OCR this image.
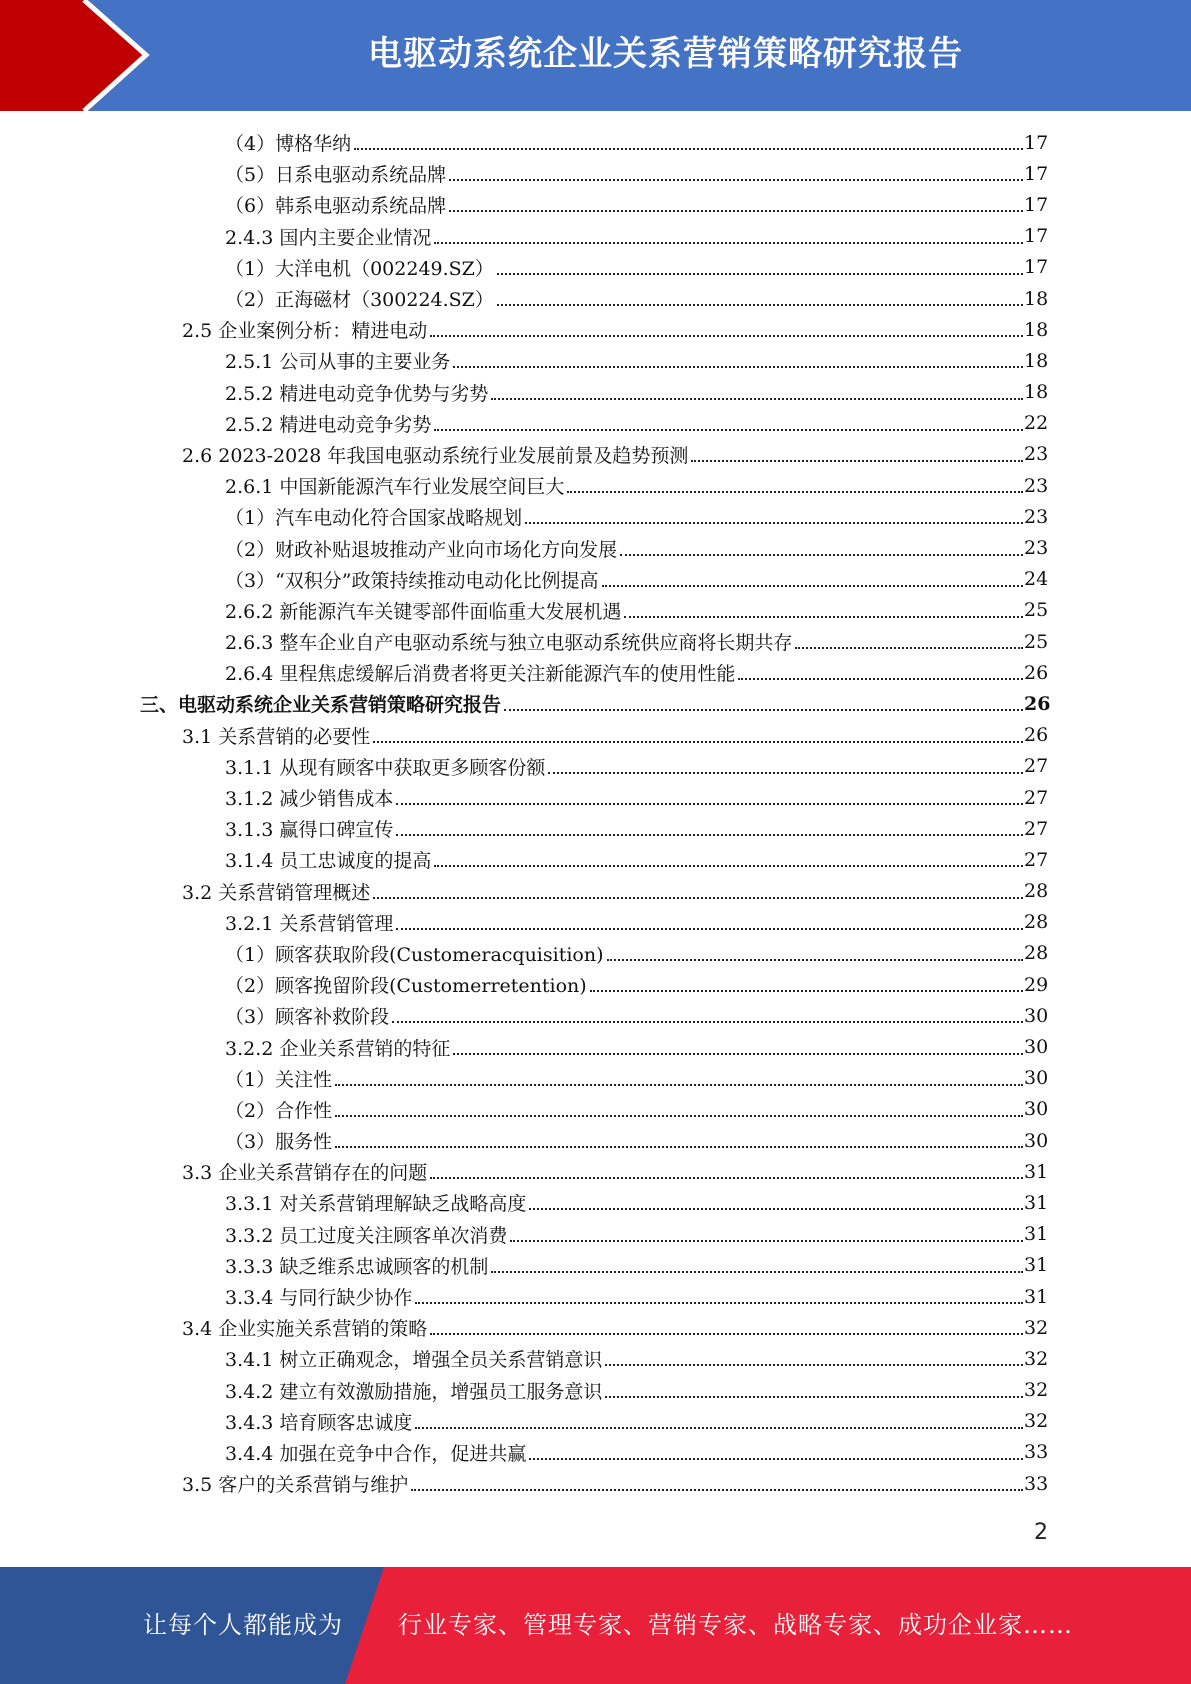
电驱动系统企业关系营销策略研究报告
（4）博格华纳	17
（5）日系电驱动系统品牌	17
（6）韩系电驱动系统品牌	17
2.4.3 国内主要企业情况	17
（1）大洋电机（002249.SZ）	17
（2）正海磁材（300224.SZ）	18
2.5 企业案例分析：精进电动	18
2.5.1 公司从事的主要业务	18
2.5.2 精进电动竞争优势与劣势	18
2.5.2 精进电动竞争劣势	22
2.6 2023-2028 年我国电驱动系统行业发展前景及趋势预测	23
2.6.1 中国新能源汽车行业发展空间巨大	23
（1）汽车电动化符合国家战略规划	23
（2）财政补贴退坡推动产业向市场化方向发展	23
（3）“双积分”政策持续推动电动化比例提高	24
2.6.2 新能源汽车关键零部件面临重大发展机遇	25
2.6.3 整车企业自产电驱动系统与独立电驱动系统供应商将长期共存	25
2.6.4 里程焦虑缓解后消费者将更关注新能源汽车的使用性能	26
三、电驱动系统企业关系营销策略研究报告	26
3.1 关系营销的必要性	26
3.1.1 从现有顾客中获取更多顾客份额	27
3.1.2 减少销售成本	27
3.1.3 赢得口碑宣传	27
3.1.4 员工忠诚度的提高	27
3.2 关系营销管理概述	28
3.2.1 关系营销管理	28
（1）顾客获取阶段(Customeracquisition)	28
（2）顾客挽留阶段(Customerretention)	29
（3）顾客补救阶段	30
3.2.2 企业关系营销的特征	30
（1）关注性	30
（2）合作性	30
（3）服务性	30
3.3 企业关系营销存在的问题	31
3.3.1 对关系营销理解缺乏战略高度	31
3.3.2 员工过度关注顾客单次消费	31
3.3.3 缺乏维系忠诚顾客的机制	31
3.3.4 与同行缺少协作	31
3.4 企业实施关系营销的策略	32
3.4.1 树立正确观念，增强全员关系营销意识	32
3.4.2 建立有效激励措施，增强员工服务意识	32
3.4.3 培育顾客忠诚度	32
3.4.4 加强在竞争中合作，促进共赢	33
3.5 客户的关系营销与维护	33
2
让每个人都能成为 行业专家、管理专家、营销专家、战略专家、成功企业家……
